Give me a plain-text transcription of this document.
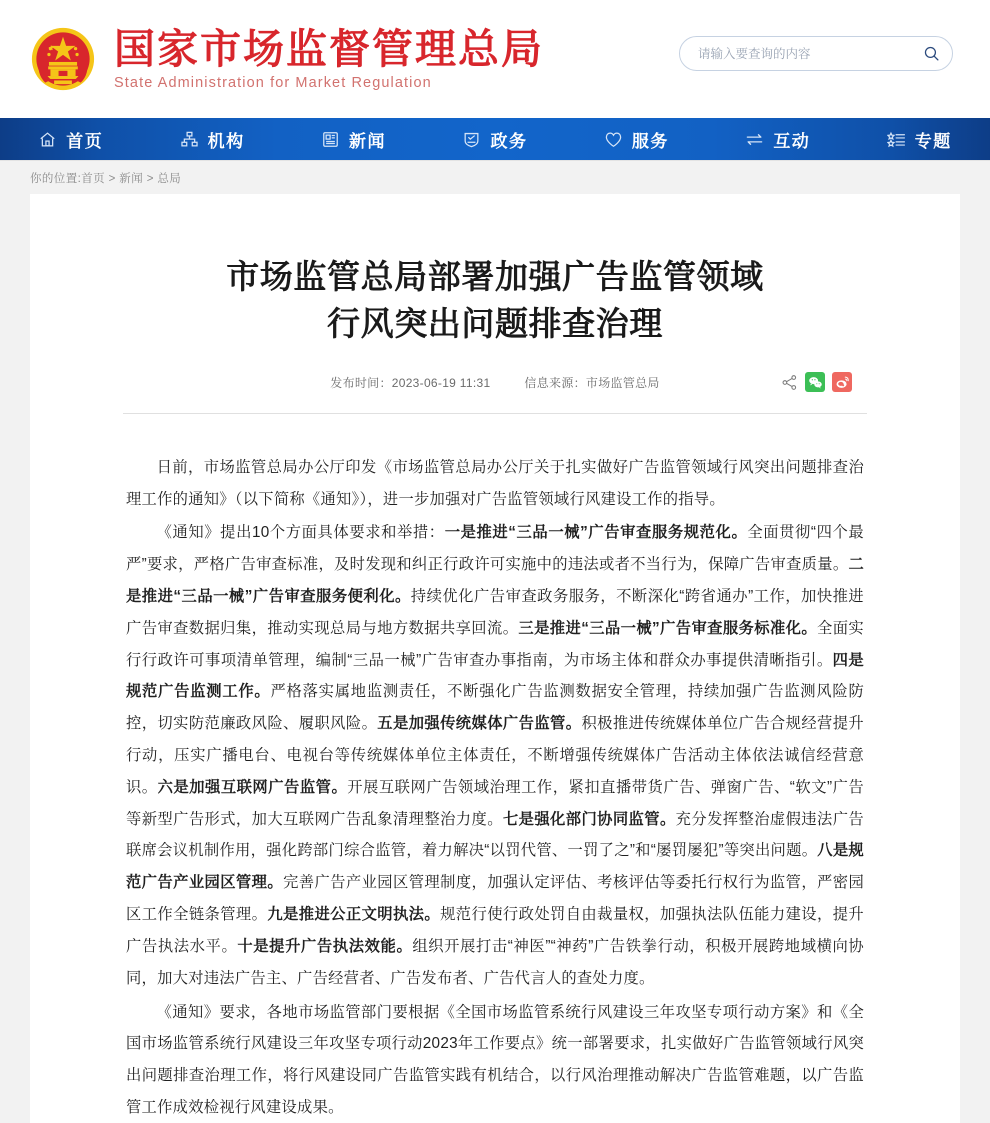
国家市场监督管理总局
State Administration for Market Regulation
请输入要查询的内容
首页	机构	新闻	政务	服务	互动	专题
你的位置:首页 > 新闻 > 总局
市场监管总局部署加强广告监管领域
行风突出问题排查治理
发布时间：2023-06-19 11:31	信息来源：市场监管总局

日前，市场监管总局办公厅印发《市场监管总局办公厅关于扎实做好广告监管领域行风突出问题排查治理工作的通知》（以下简称《通知》），进一步加强对广告监管领域行风建设工作的指导。

《通知》提出10个方面具体要求和举措：一是推进“三品一械”广告审查服务规范化。全面贯彻“四个最严”要求，严格广告审查标准，及时发现和纠正行政许可实施中的违法或者不当行为，保障广告审查质量。二是推进“三品一械”广告审查服务便利化。持续优化广告审查政务服务，不断深化“跨省通办”工作，加快推进广告审查数据归集，推动实现总局与地方数据共享回流。三是推进“三品一械”广告审查服务标准化。全面实行行政许可事项清单管理，编制“三品一械”广告审查办事指南，为市场主体和群众办事提供清晰指引。四是规范广告监测工作。严格落实属地监测责任，不断强化广告监测数据安全管理，持续加强广告监测风险防控，切实防范廉政风险、履职风险。五是加强传统媒体广告监管。积极推进传统媒体单位广告合规经营提升行动，压实广播电台、电视台等传统媒体单位主体责任，不断增强传统媒体广告活动主体依法诚信经营意识。六是加强互联网广告监管。开展互联网广告领域治理工作，紧扣直播带货广告、弹窗广告、“软文”广告等新型广告形式，加大互联网广告乱象清理整治力度。七是强化部门协同监管。充分发挥整治虚假违法广告联席会议机制作用，强化跨部门综合监管，着力解决“以罚代管、一罚了之”和“屡罚屡犯”等突出问题。八是规范广告产业园区管理。完善广告产业园区管理制度，加强认定评估、考核评估等委托行权行为监管，严密园区工作全链条管理。九是推进公正文明执法。规范行使行政处罚自由裁量权，加强执法队伍能力建设，提升广告执法水平。十是提升广告执法效能。组织开展打击“神医”“神药”广告铁拳行动，积极开展跨地域横向协同，加大对违法广告主、广告经营者、广告发布者、广告代言人的查处力度。

《通知》要求，各地市场监管部门要根据《全国市场监管系统行风建设三年攻坚专项行动方案》和《全国市场监管系统行风建设三年攻坚专项行动2023年工作要点》统一部署要求，扎实做好广告监管领域行风突出问题排查治理工作，将行风建设同广告监管实践有机结合，以行风治理推动解决广告监管难题，以广告监管工作成效检视行风建设成果。
